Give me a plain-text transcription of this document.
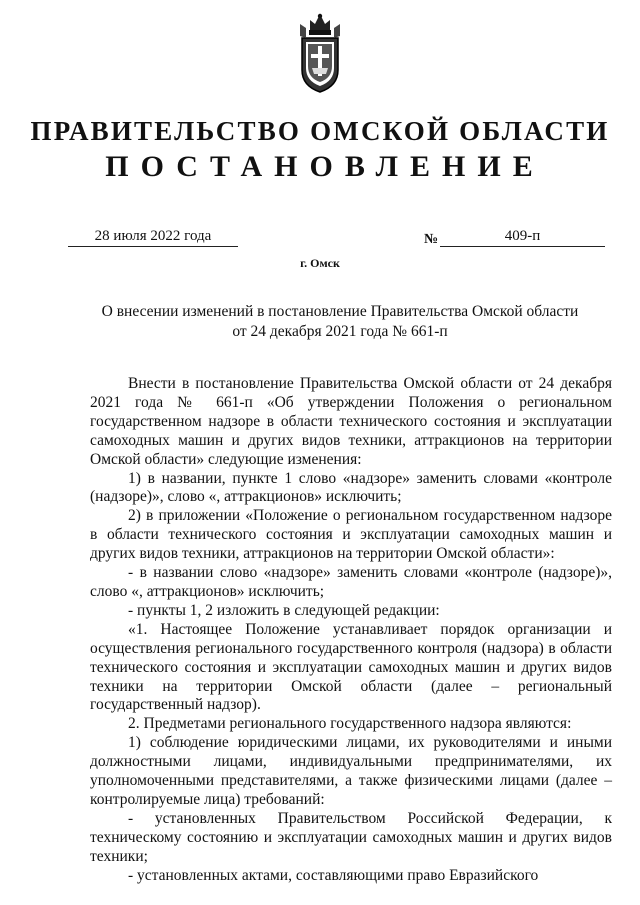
ПРАВИТЕЛЬСТВО ОМСКОЙ ОБЛАСТИ
ПОСТАНОВЛЕНИЕ
28 июля 2022 года	№	409-п
г. Омск
О внесении изменений в постановление Правительства Омской области
от 24 декабря 2021 года № 661-п

Внести в постановление Правительства Омской области от 24 декабря 2021 года № 661-п «Об утверждении Положения о региональном государственном надзоре в области технического состояния и эксплуатации самоходных машин и других видов техники, аттракционов на территории Омской области» следующие изменения:

1) в названии, пункте 1 слово «надзоре» заменить словами «контроле (надзоре)», слово «, аттракционов» исключить;

2) в приложении «Положение о региональном государственном надзоре в области технического состояния и эксплуатации самоходных машин и других видов техники, аттракционов на территории Омской области»:

- в названии слово «надзоре» заменить словами «контроле (надзоре)», слово «, аттракционов» исключить;

- пункты 1, 2 изложить в следующей редакции:

«1. Настоящее Положение устанавливает порядок организации и осуществления регионального государственного контроля (надзора) в области технического состояния и эксплуатации самоходных машин и других видов техники на территории Омской области (далее – региональный государственный надзор).

2. Предметами регионального государственного надзора являются:

1) соблюдение юридическими лицами, их руководителями и иными должностными лицами, индивидуальными предпринимателями, их уполномоченными представителями, а также физическими лицами (далее – контролируемые лица) требований:

- установленных Правительством Российской Федерации, к техническому состоянию и эксплуатации самоходных машин и других видов техники;

- установленных актами, составляющими право Евразийского
